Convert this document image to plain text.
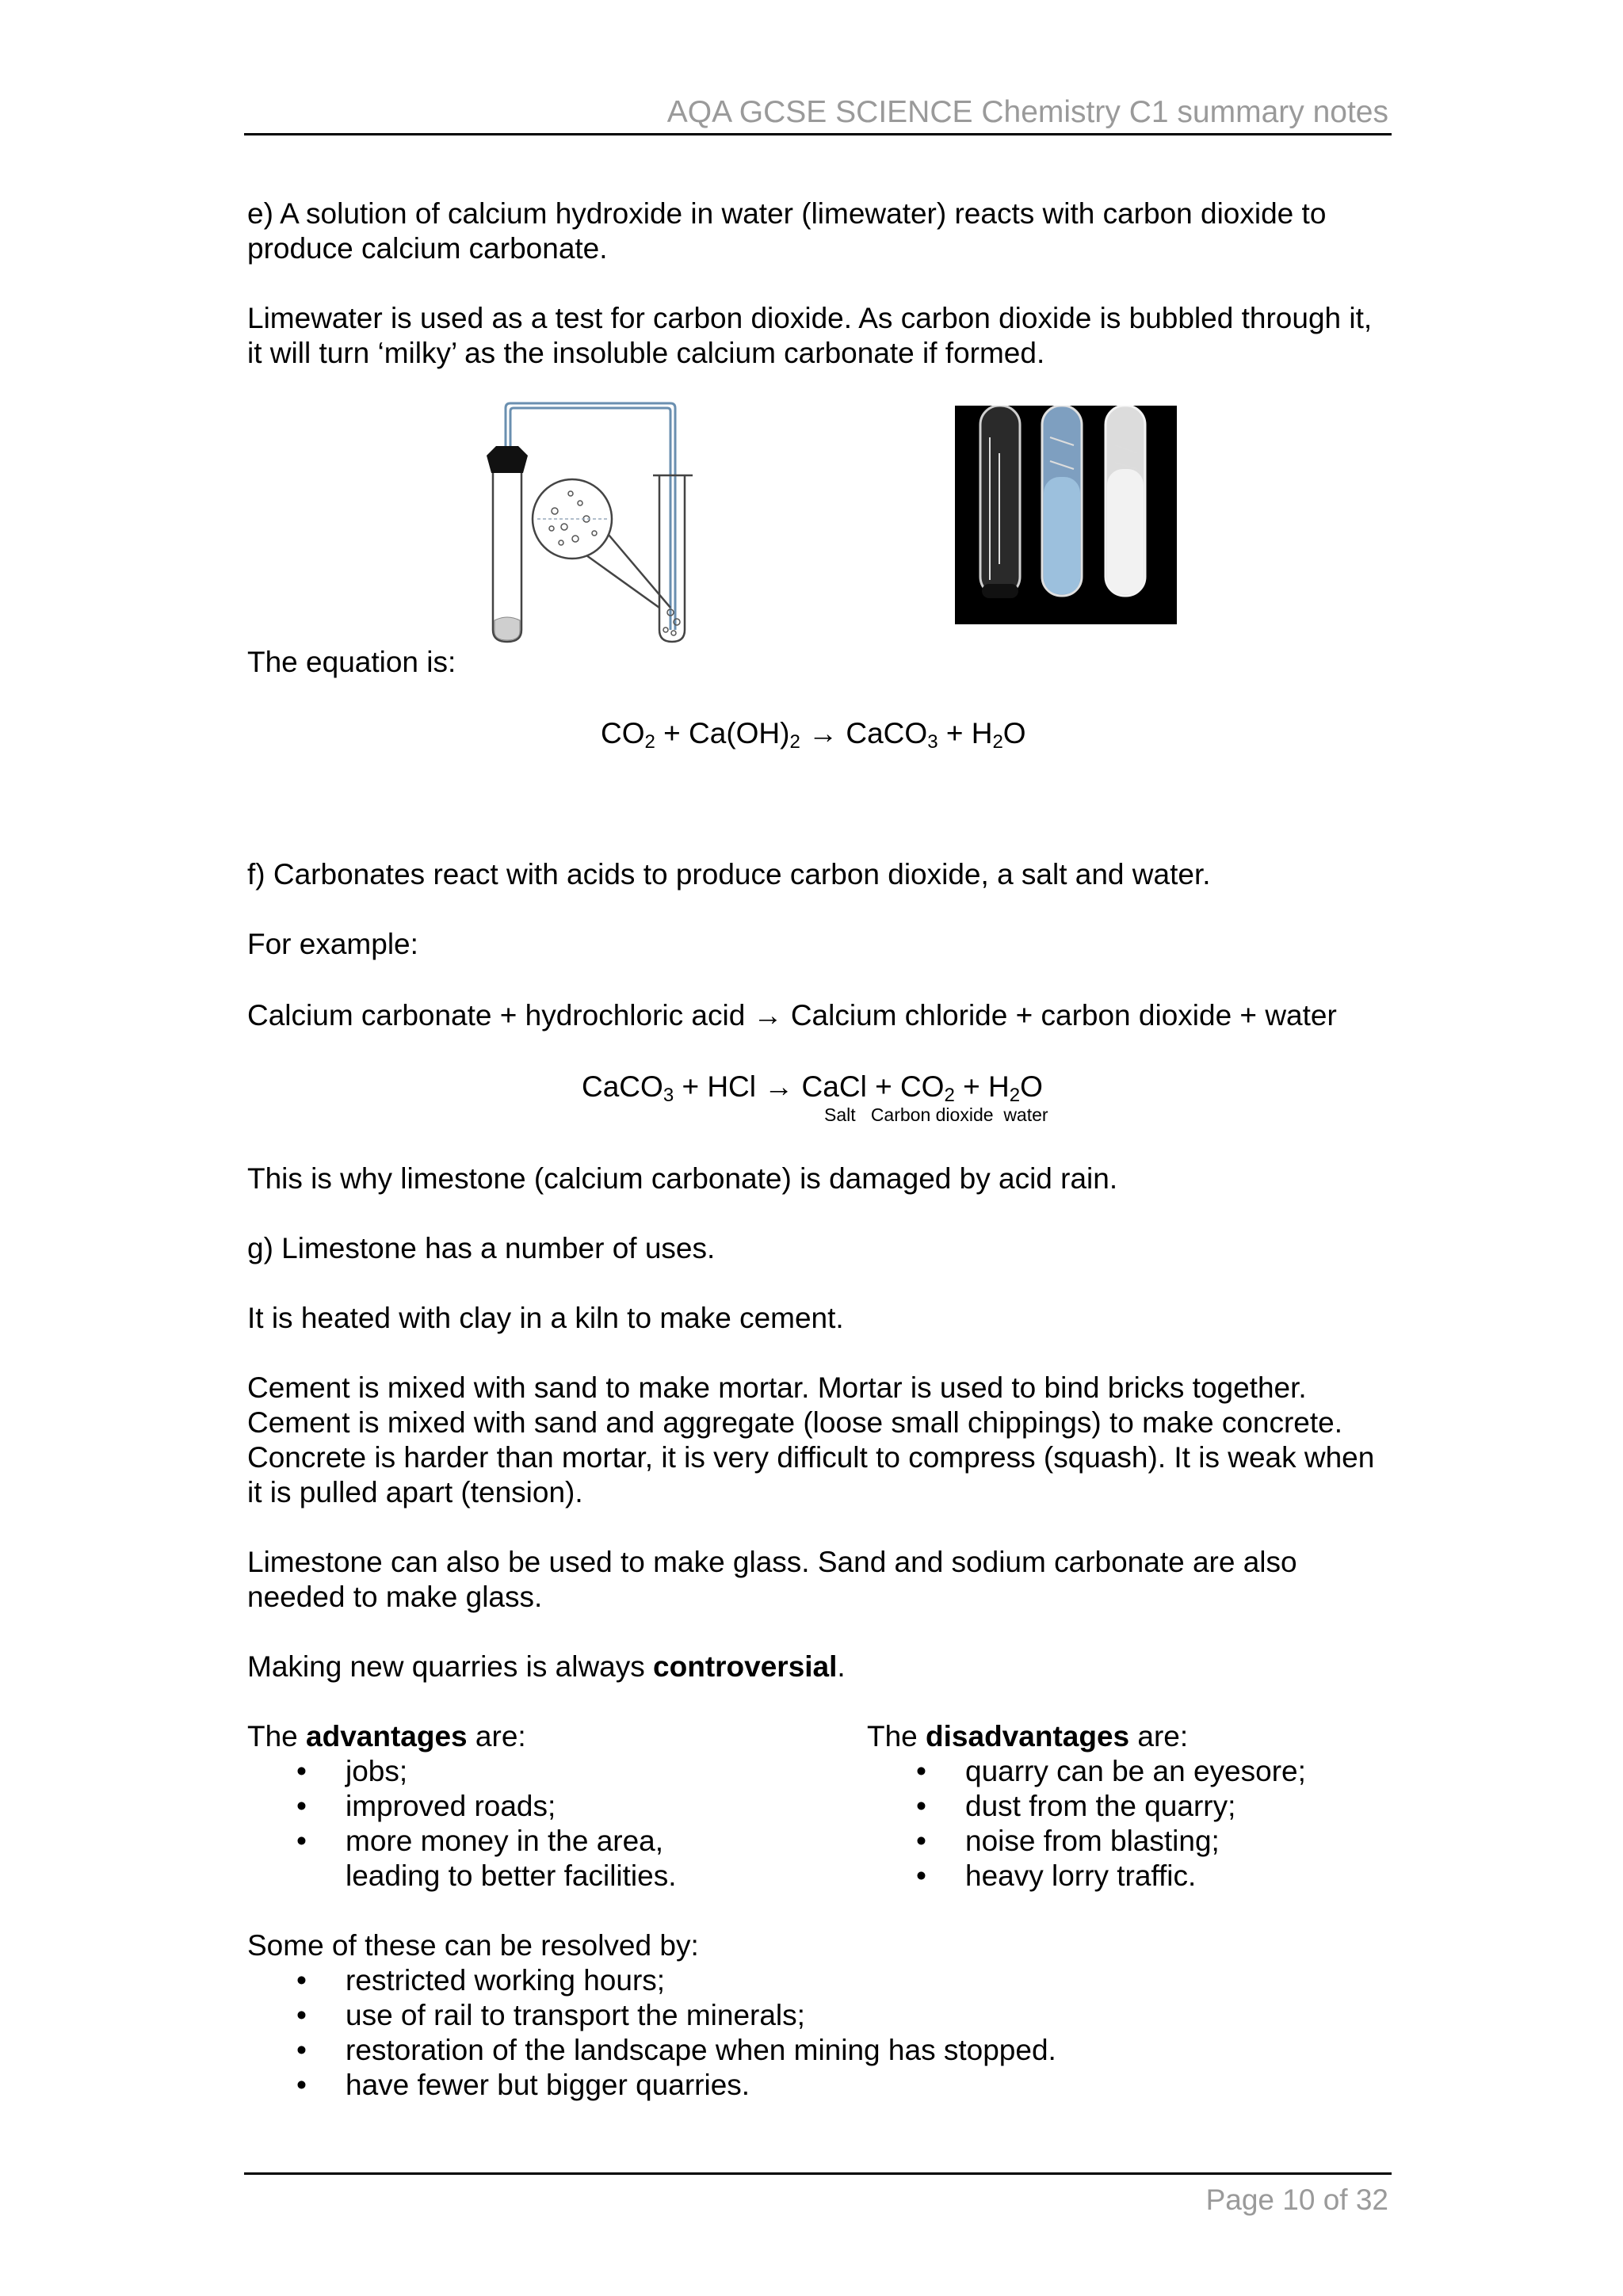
AQA GCSE SCIENCE Chemistry C1 summary notes

e) A solution of calcium hydroxide in water (limewater) reacts with carbon dioxide to produce calcium carbonate.

Limewater is used as a test for carbon dioxide. As carbon dioxide is bubbled through it, it will turn ‘milky’ as the insoluble calcium carbonate if formed.

The equation is:

$CO_2 + Ca(OH)_2$ → CaCO$_3$ + $H_2O$

f) Carbonates react with acids to produce carbon dioxide, a salt and water.

For example:

Calcium carbonate + hydrochloric acid → Calcium chloride + carbon dioxide + water

CaCO$_3$ + HCl → CaCl + $CO_2 + H_2O$
Salt Carbon dioxide water

This is why limestone (calcium carbonate) is damaged by acid rain.

g) Limestone has a number of uses.

It is heated with clay in a kiln to make cement.

Cement is mixed with sand to make mortar. Mortar is used to bind bricks together. Cement is mixed with sand and aggregate (loose small chippings) to make concrete. Concrete is harder than mortar, it is very difficult to compress (squash). It is weak when it is pulled apart (tension).

Limestone can also be used to make glass. Sand and sodium carbonate are also needed to make glass.

Making new quarries is always controversial.

The advantages are:
• jobs;
• improved roads;
• more money in the area, leading to better facilities.
The disadvantages are:
• quarry can be an eyesore;
• dust from the quarry;
• noise from blasting;
• heavy lorry traffic.

Some of these can be resolved by:

• restricted working hours;
• use of rail to transport the minerals;
• restoration of the landscape when mining has stopped.
• have fewer but bigger quarries.
Page 10 of 32
